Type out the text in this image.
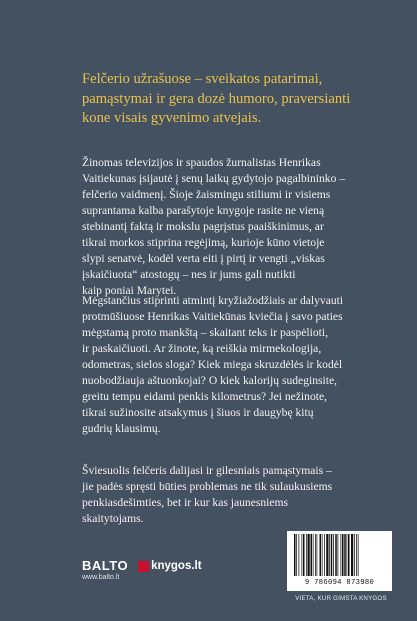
Felčerio užrašuose – sveikatos patarimai,
pamąstymai ir gera dozė humoro, praversianti
kone visais gyvenimo atvejais.
Žinomas televizijos ir spaudos žurnalistas Henrikas
Vaitiekunas įsijautė į senų laikų gydytojo pagalbininko –
felčerio vaidmenį. Šioje žaismingu stiliumi ir visiems
suprantama kalba parašytoje knygoje rasite ne vieną
stebinantį faktą ir mokslu pagrįstus paaiškinimus, ar
tikrai morkos stiprina regėjimą, kurioje kūno vietoje
slypi senatvė, kodėl verta eiti į pirtį ir vengti „viskas
įskaičiuota“ atostogų – nes ir jums gali nutikti
kaip poniai Marytei.
Mėgstančius stiprinti atmintį kryžiažodžiais ar dalyvauti
protmūšiuose Henrikas Vaitiekūnas kviečia į savo paties
mėgstamą proto mankštą – skaitant teks ir paspėlioti,
ir paskaičiuoti. Ar žinote, ką reiškia mirmekologija,
odometras, sielos sloga? Kiek miega skruzdėlės ir kodėl
nuobodžiauja aštuonkojai? O kiek kalorijų sudeginsite,
greitu tempu eidami penkis kilometrus? Jei nežinote,
tikrai sužinosite atsakymus į šiuos ir daugybę kitų
gudrių klausimų.
Šviesuolis felčeris dalijasi ir gilesniais pamąstymais –
jie padės spręsti būties problemas ne tik sulaukusiems
penkiasdešimties, bet ir kur kas jaunesniems
skaitytojams.
BALTO
www.balto.lt
knygos.lt
9 786094 873980
VIETA, KUR GIMSTA KNYGOS
